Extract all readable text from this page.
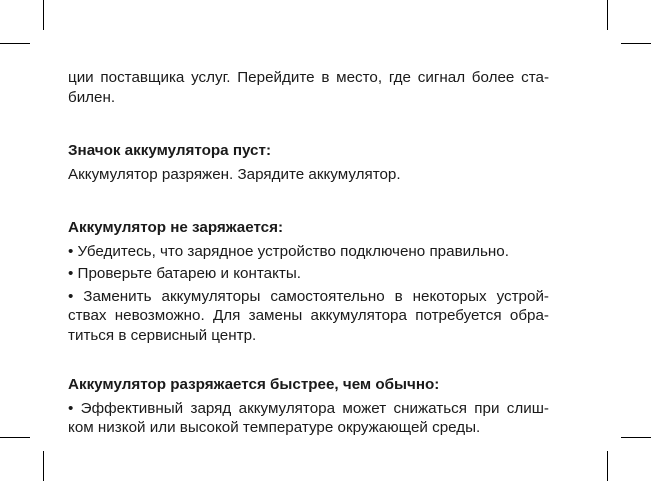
ции поставщика услуг. Перейдите в место, где сигнал более ста-
билен.
Значок аккумулятора пуст:
Аккумулятор разряжен. Зарядите аккумулятор.
Аккумулятор не заряжается:
• Убедитесь, что зарядное устройство подключено правильно.
• Проверьте батарею и контакты.
• Заменить аккумуляторы самостоятельно в некоторых устрой-
ствах невозможно. Для замены аккумулятора потребуется обра-
титься в сервисный центр.
Аккумулятор разряжается быстрее, чем обычно:
• Эффективный заряд аккумулятора может снижаться при слиш-
ком низкой или высокой температуре окружающей среды.
